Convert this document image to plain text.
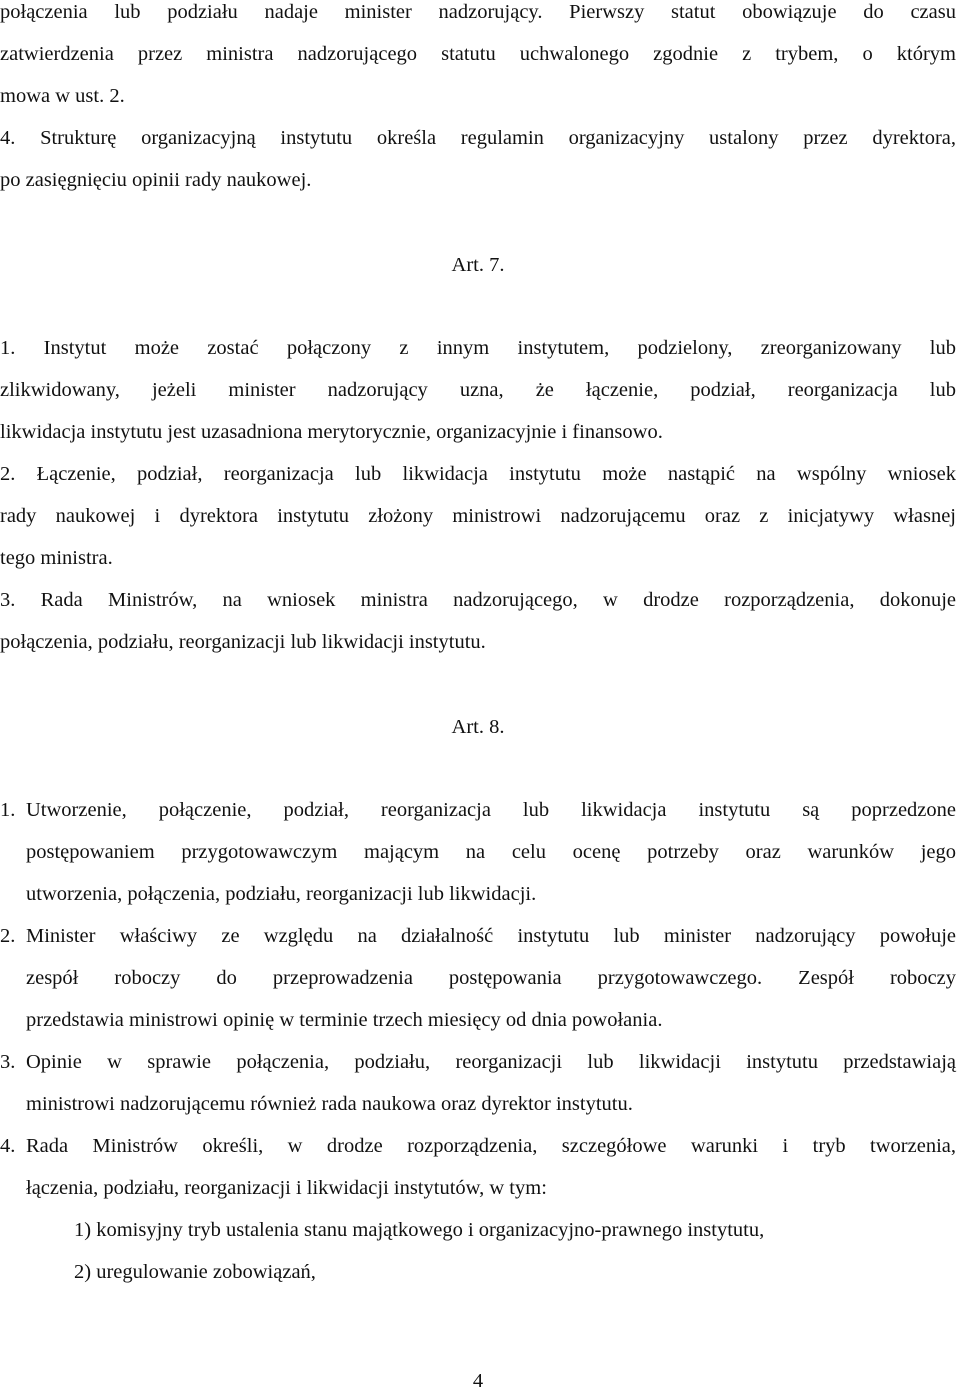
połączenia lub podziału nadaje minister nadzorujący. Pierwszy statut obowiązuje do czasu
zatwierdzenia przez ministra nadzorującego statutu uchwalonego zgodnie z trybem, o którym
mowa w ust. 2.
4. Strukturę organizacyjną instytutu określa regulamin organizacyjny ustalony przez dyrektora,
po zasięgnięciu opinii rady naukowej.
Art. 7.
1. Instytut może zostać połączony z innym instytutem, podzielony, zreorganizowany lub
zlikwidowany, jeżeli minister nadzorujący uzna, że łączenie, podział, reorganizacja lub
likwidacja instytutu jest uzasadniona merytorycznie, organizacyjnie i finansowo.
2. Łączenie, podział, reorganizacja lub likwidacja instytutu może nastąpić na wspólny wniosek
rady naukowej i dyrektora instytutu złożony ministrowi nadzorującemu oraz z inicjatywy własnej
tego ministra.
3. Rada Ministrów, na wniosek ministra nadzorującego, w drodze rozporządzenia, dokonuje
połączenia, podziału, reorganizacji lub likwidacji instytutu.
Art. 8.
1. Utworzenie, połączenie, podział, reorganizacja lub likwidacja instytutu są poprzedzone
postępowaniem przygotowawczym mającym na celu ocenę potrzeby oraz warunków jego
utworzenia, połączenia, podziału, reorganizacji lub likwidacji.
2. Minister właściwy ze względu na działalność instytutu lub minister nadzorujący powołuje
zespół roboczy do przeprowadzenia postępowania przygotowawczego. Zespół roboczy
przedstawia ministrowi opinię w terminie trzech miesięcy od dnia powołania.
3. Opinie w sprawie połączenia, podziału, reorganizacji lub likwidacji instytutu przedstawiają
ministrowi nadzorującemu również rada naukowa oraz dyrektor instytutu.
4. Rada Ministrów określi, w drodze rozporządzenia, szczegółowe warunki i tryb tworzenia,
łączenia, podziału, reorganizacji i likwidacji instytutów, w tym:
1) komisyjny tryb ustalenia stanu majątkowego i organizacyjno-prawnego instytutu,
2) uregulowanie zobowiązań,
4
